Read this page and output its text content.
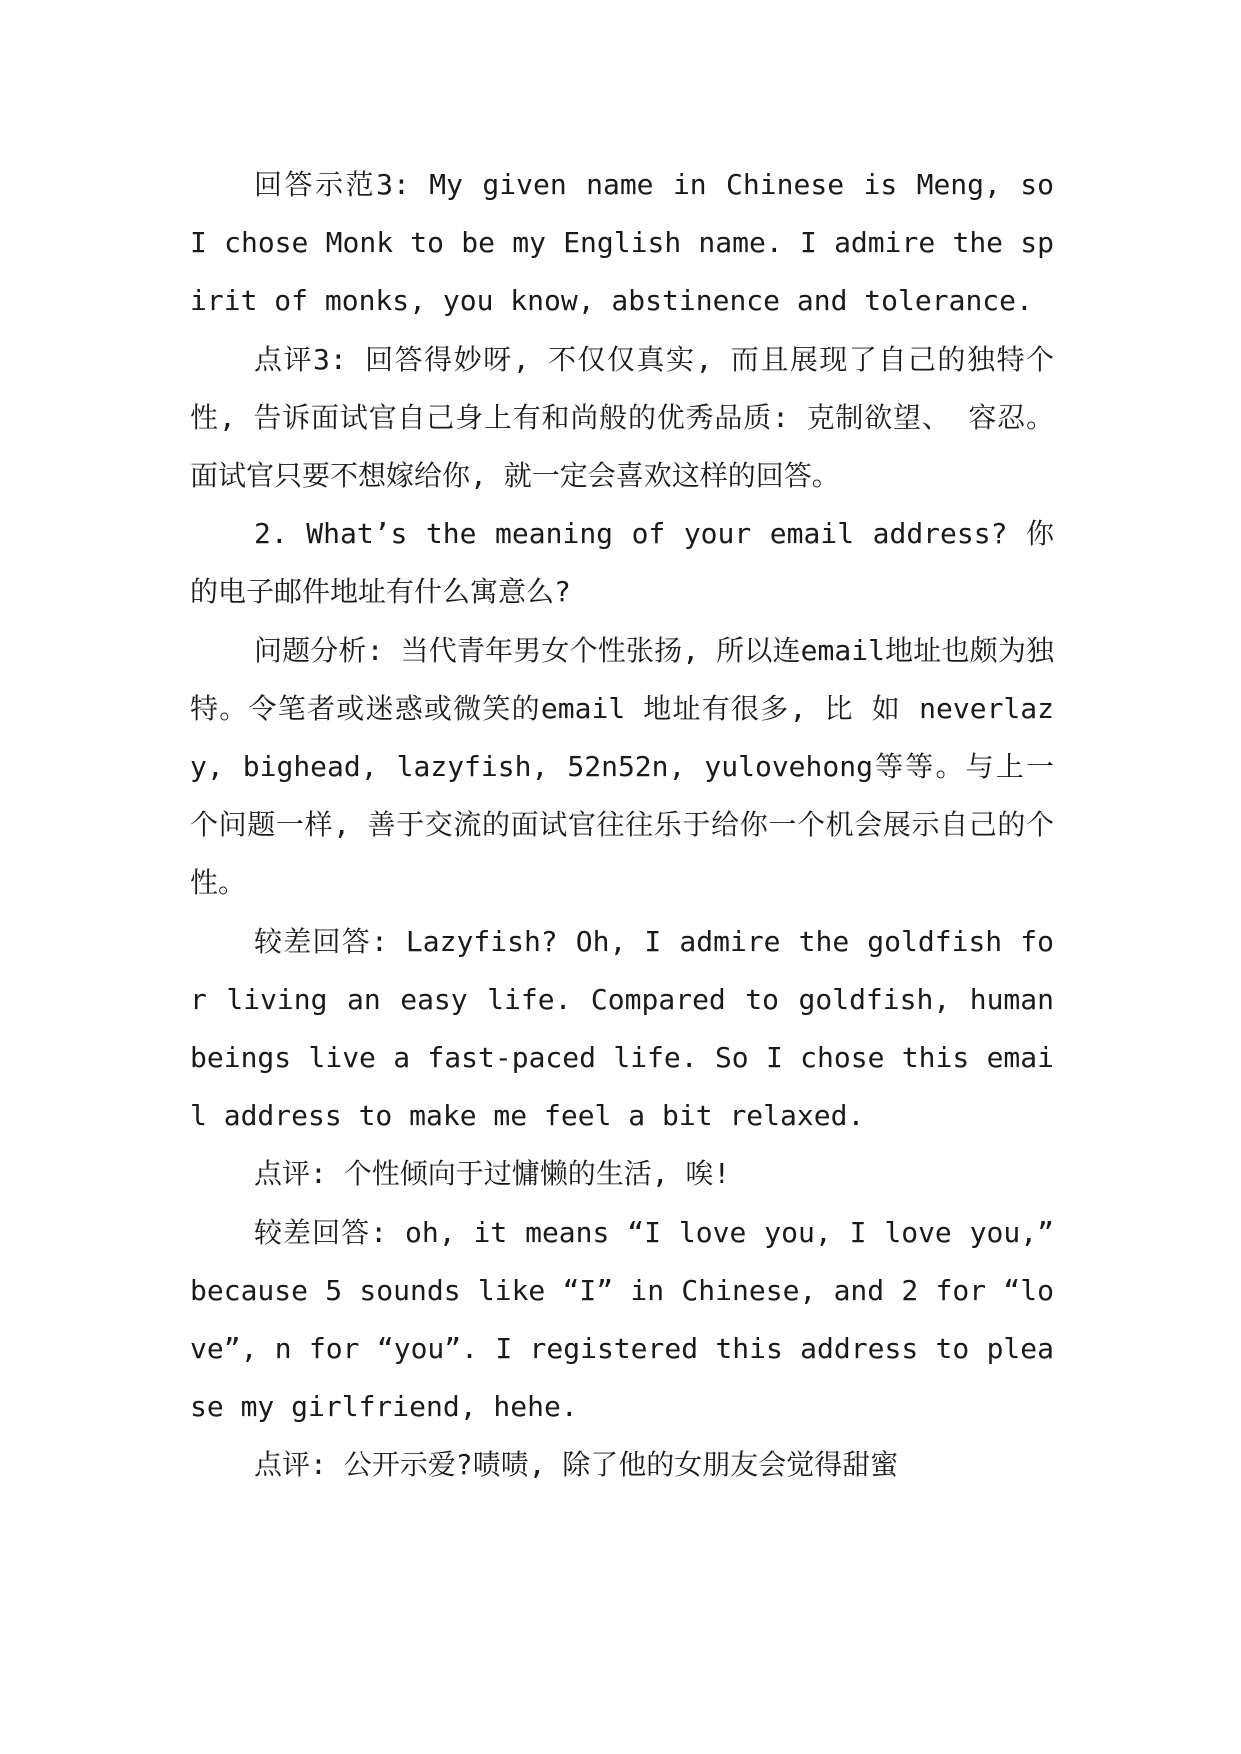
回答示范3: My given name in Chinese is Meng, so I chose Monk to be my English name. I admire the spirit of monks, you know, abstinence and tolerance.

点评3: 回答得妙呀, 不仅仅真实, 而且展现了自己的独特个性, 告诉面试官自己身上有和尚般的优秀品质: 克制欲望、 容忍。面试官只要不想嫁给你, 就一定会喜欢这样的回答。

2. What’s the meaning of your email address? 你的电子邮件地址有什么寓意么?

问题分析: 当代青年男女个性张扬, 所以连email地址也颇为独特。令笔者或迷惑或微笑的email 地址有很多, 比 如 neverlazy, bighead, lazyfish, 52n52n, yulovehong等等。与上一个问题一样, 善于交流的面试官往往乐于给你一个机会展示自己的个性。

较差回答: Lazyfish? Oh, I admire the goldfish for living an easy life. Compared to goldfish, human beings live a fast-paced life. So I chose this email address to make me feel a bit relaxed.

点评: 个性倾向于过慵懒的生活, 唉!

较差回答: oh, it means “I love you, I love you,” because 5 sounds like “I” in Chinese, and 2 for “love”, n for “you”. I registered this address to please my girlfriend, hehe.

点评: 公开示爱?啧啧, 除了他的女朋友会觉得甜蜜
